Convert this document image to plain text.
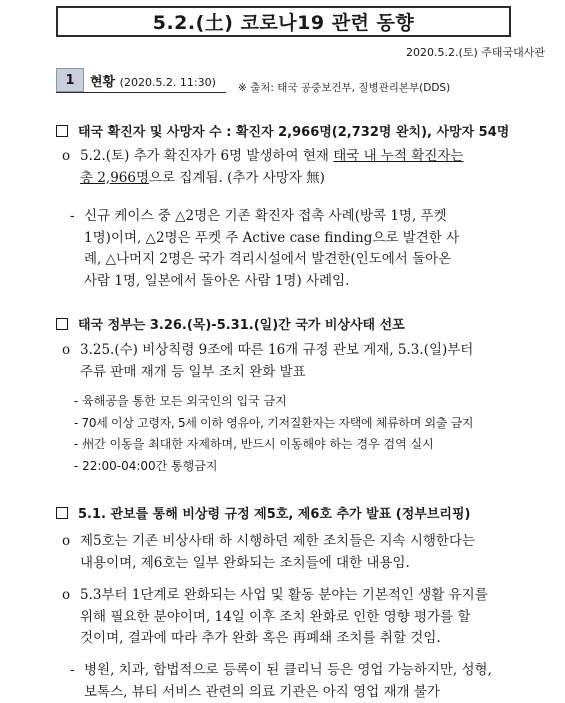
5.2.(土) 코로나19 관련 동향
2020.5.2.(토) 주태국대사관
1	현황 (2020.5.2. 11:30) ※ 출처: 태국 공중보건부, 질병관리본부(DDS)
태국 확진자 및 사망자 수 : 확진자 2,966명(2,732명 완치), 사망자 54명
o 5.2.(토) 추가 확진자가 6명 발생하여 현재 태국 내 누적 확진자는
총 2,966명으로 집계됨. (추가 사망자 無)
- 신규 케이스 중 △2명은 기존 확진자 접촉 사례(방콕 1명, 푸켓
1명)이며, △2명은 푸켓 주 Active case finding으로 발견한 사
례, △나머지 2명은 국가 격리시설에서 발견한(인도에서 돌아온
사람 1명, 일본에서 돌아온 사람 1명) 사례임.
태국 정부는 3.26.(목)-5.31.(일)간 국가 비상사태 선포
o 3.25.(수) 비상칙령 9조에 따른 16개 규정 관보 게재, 5.3.(일)부터
주류 판매 재개 등 일부 조치 완화 발표
- 육해공을 통한 모든 외국인의 입국 금지
- 70세 이상 고령자, 5세 이하 영유아, 기저질환자는 자택에 체류하며 외출 금지
- 州간 이동을 최대한 자제하며, 반드시 이동해야 하는 경우 검역 실시
- 22:00-04:00간 통행금지
5.1. 관보를 통해 비상령 규정 제5호, 제6호 추가 발표 (정부브리핑)
o 제5호는 기존 비상사태 하 시행하던 제한 조치들은 지속 시행한다는
내용이며, 제6호는 일부 완화되는 조치들에 대한 내용임.
o 5.3부터 1단계로 완화되는 사업 및 활동 분야는 기본적인 생활 유지를
위해 필요한 분야이며, 14일 이후 조치 완화로 인한 영향 평가를 할
것이며, 결과에 따라 추가 완화 혹은 再폐쇄 조치를 취할 것임.
- 병원, 치과, 합법적으로 등록이 된 클리닉 등은 영업 가능하지만, 성형,
보톡스, 뷰티 서비스 관련의 의료 기관은 아직 영업 재개 불가
